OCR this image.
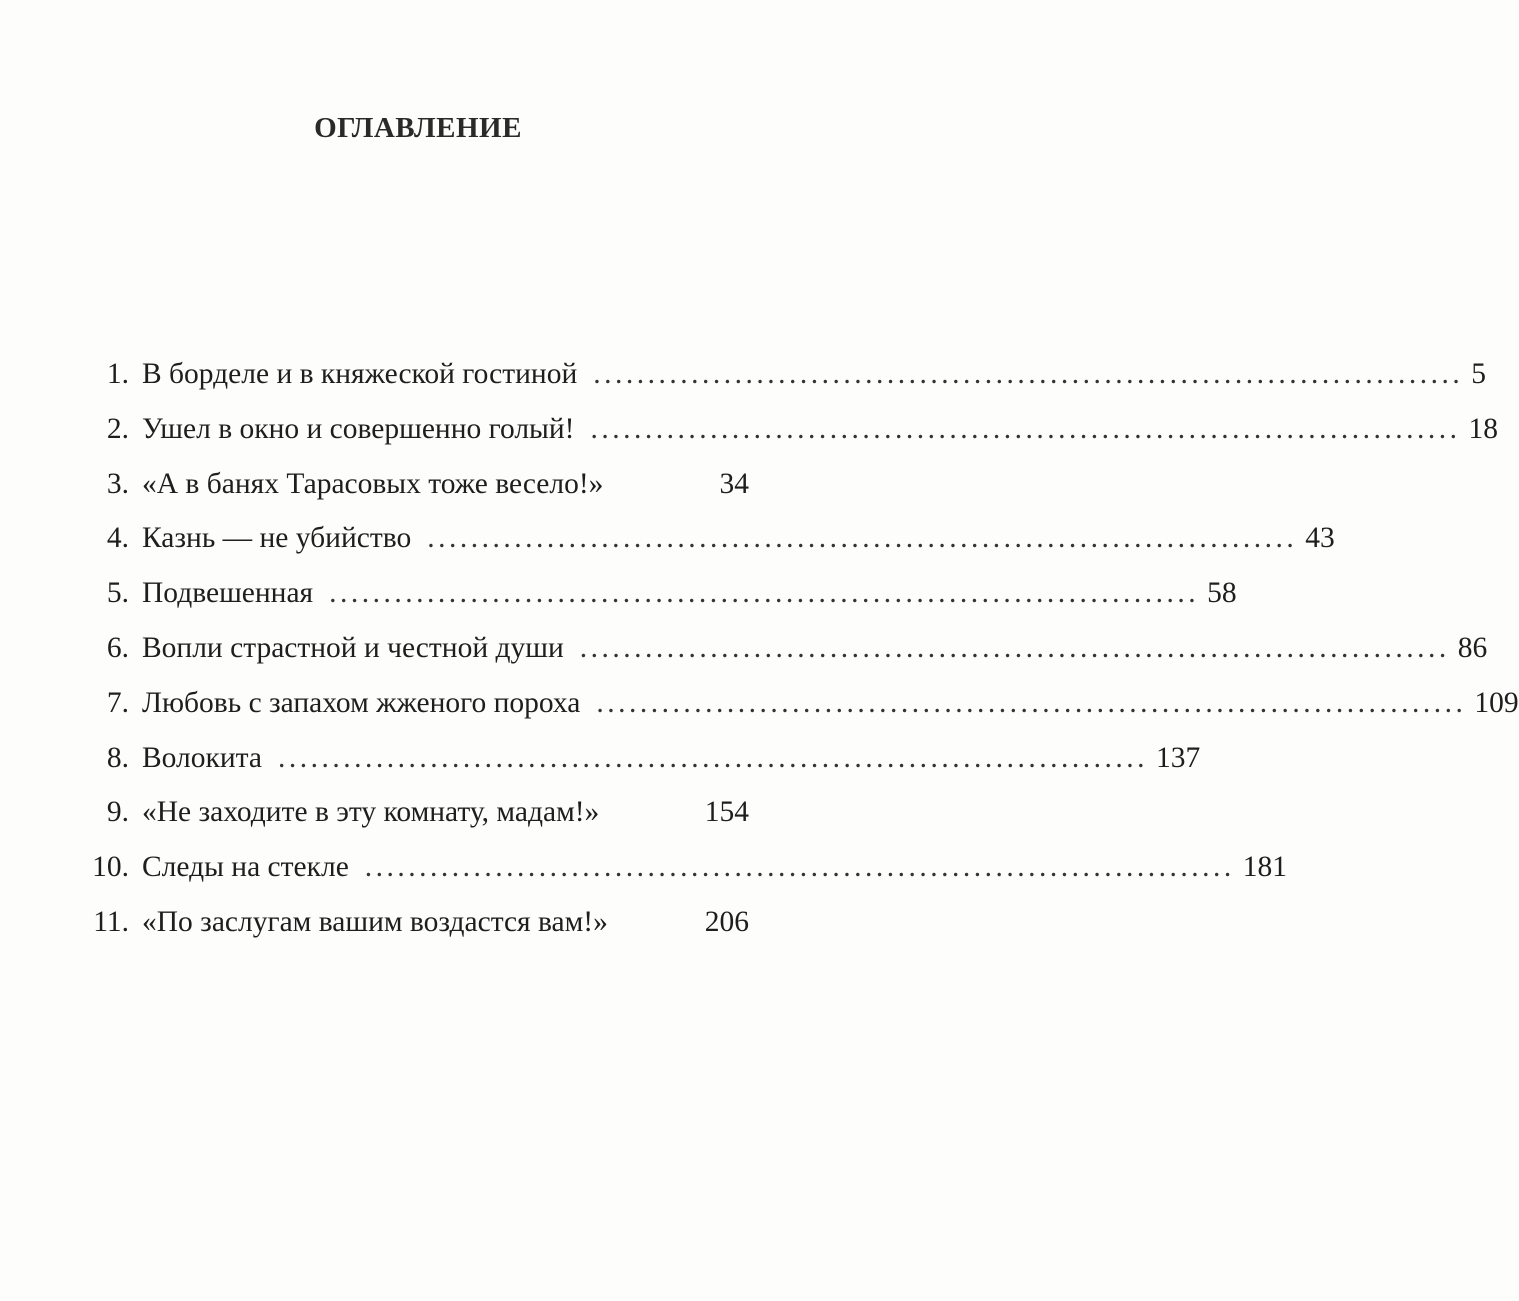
ОГЛАВЛЕНИЕ
1. В борделе и в княжеской гостиной ................................................................................ 5
2. Ушел в окно и совершенно голый! ................................................................................ 18
3. «А в банях Тарасовых тоже весело!»	34
4. Казнь — не убийство ................................................................................ 43
5. Подвешенная ................................................................................ 58
6. Вопли страстной и честной души ................................................................................ 86
7. Любовь с запахом жженого пороха ................................................................................ 109
8. Волокита ................................................................................ 137
9. «Не заходите в эту комнату, мадам!»	154
10. Следы на стекле ................................................................................ 181
11. «По заслугам вашим воздастся вам!»	206
